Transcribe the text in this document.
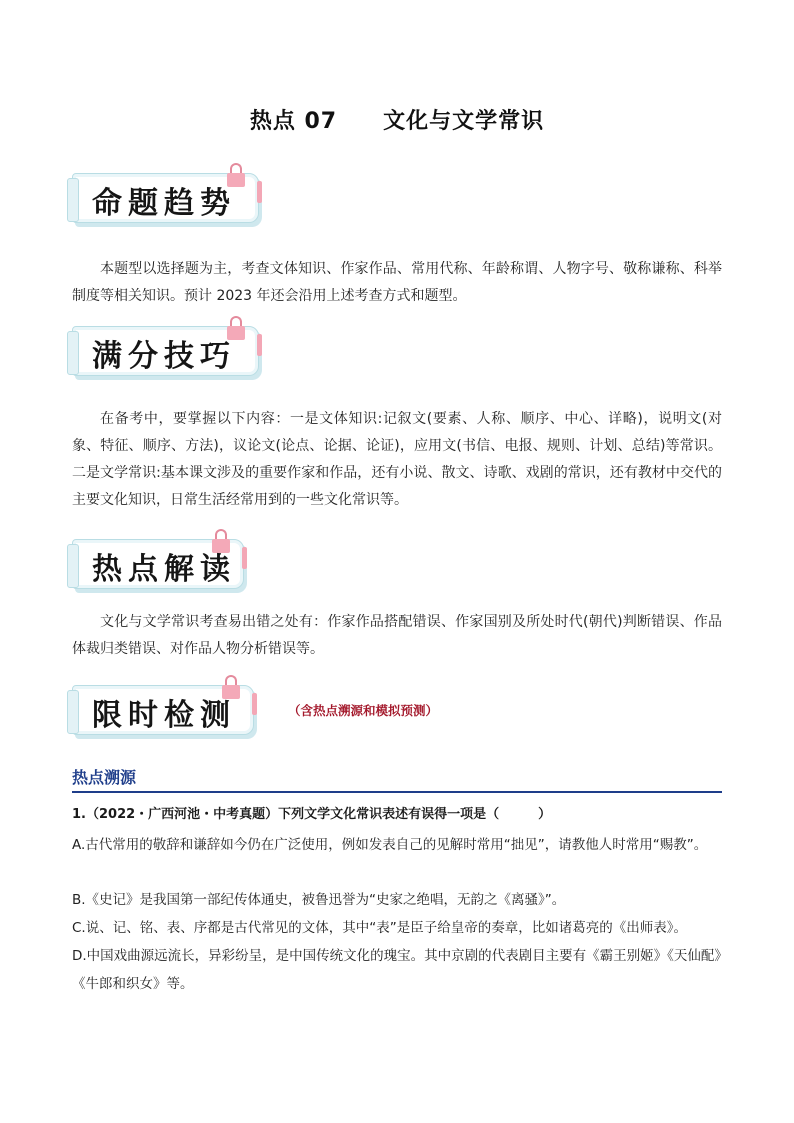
热点 07 文化与文学常识
命题趋势
本题型以选择题为主，考查文体知识、作家作品、常用代称、年龄称谓、人物字号、敬称谦称、科举制度等相关知识。预计 2023 年还会沿用上述考查方式和题型。
满分技巧
在备考中，要掌握以下内容：一是文体知识:记叙文(要素、人称、顺序、中心、详略)，说明文(对象、特征、顺序、方法)，议论文(论点、论据、论证)，应用文(书信、电报、规则、计划、总结)等常识。二是文学常识:基本课文涉及的重要作家和作品，还有小说、散文、诗歌、戏剧的常识，还有教材中交代的主要文化知识，日常生活经常用到的一些文化常识等。
热点解读
文化与文学常识考查易出错之处有：作家作品搭配错误、作家国别及所处时代(朝代)判断错误、作品体裁归类错误、对作品人物分析错误等。
限时检测	（含热点溯源和模拟预测）
热点溯源
1.（2022・广西河池・中考真题）下列文学文化常识表述有误得一项是（　　　）
A.古代常用的敬辞和谦辞如今仍在广泛使用，例如发表自己的见解时常用“拙见”，请教他人时常用“赐教”。
B.《史记》是我国第一部纪传体通史，被鲁迅誉为“史家之绝唱，无韵之《离骚》”。
C.说、记、铭、表、序都是古代常见的文体，其中“表”是臣子给皇帝的奏章，比如诸葛亮的《出师表》。
D.中国戏曲源远流长，异彩纷呈，是中国传统文化的瑰宝。其中京剧的代表剧目主要有《霸王别姬》《天仙配》《牛郎和织女》等。
